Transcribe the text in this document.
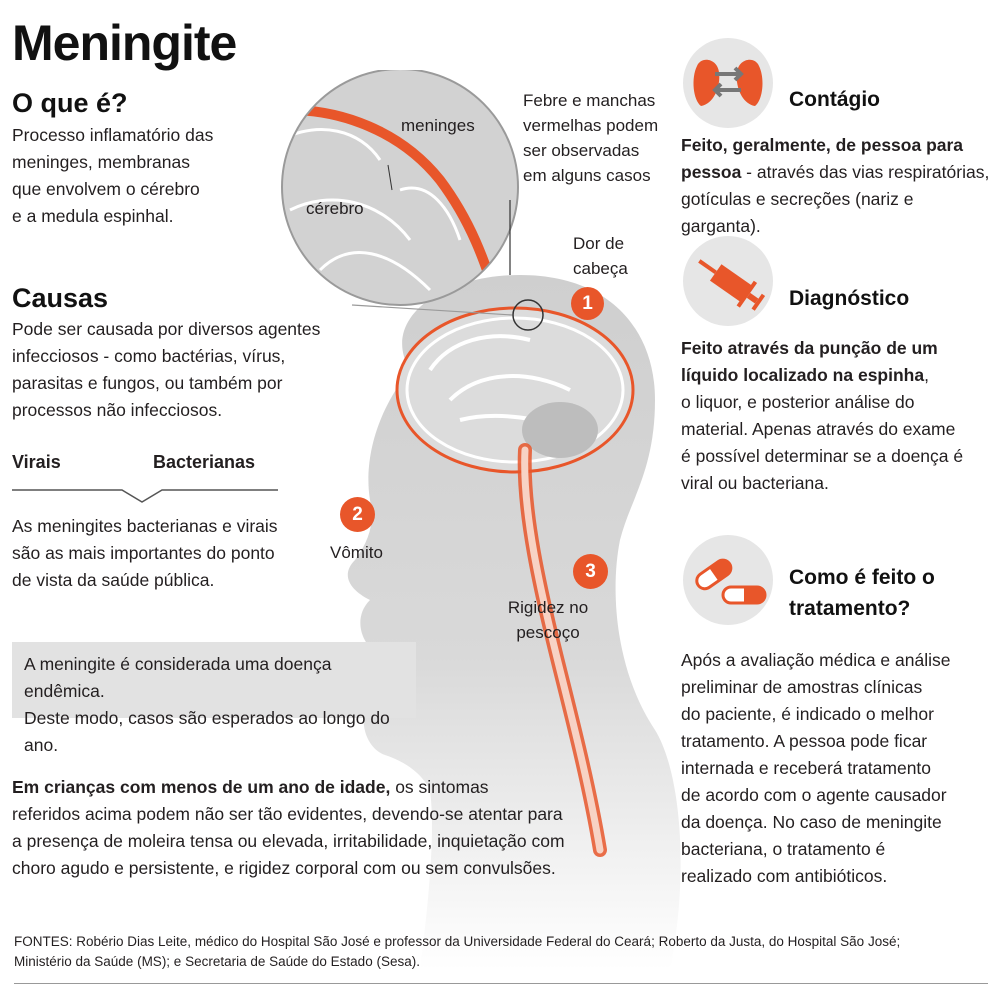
Meningite
O que é?
Processo inflamatório das
meninges, membranas
que envolvem o cérebro
e a medula espinhal.
Causas
Pode ser causada por diversos agentes
infecciosos - como bactérias, vírus,
parasitas e fungos, ou também por
processos não infecciosos.
Virais	Bacterianas
As meningites bacterianas e virais
são as mais importantes do ponto
de vista da saúde pública.
A meningite é considerada uma doença endêmica.
Deste modo, casos são esperados ao longo do ano.
Em crianças com menos de um ano de idade, os sintomas
referidos acima podem não ser tão evidentes, devendo-se atentar para
a presença de moleira tensa ou elevada, irritabilidade, inquietação com
choro agudo e persistente, e rigidez corporal com ou sem convulsões.
meninges
cérebro
Febre e manchas
vermelhas podem
ser observadas
em alguns casos
Dor de
cabeça
1
2
Vômito
3
Rigidez no
pescoço
Contágio
Feito, geralmente, de pessoa para
pessoa - através das vias respiratórias,
gotículas e secreções (nariz e garganta).
Diagnóstico
Feito através da punção de um
líquido localizado na espinha,
o liquor, e posterior análise do
material. Apenas através do exame
é possível determinar se a doença é
viral ou bacteriana.
Como é feito o
tratamento?
Após a avaliação médica e análise
preliminar de amostras clínicas
do paciente, é indicado o melhor
tratamento. A pessoa pode ficar
internada e receberá tratamento
de acordo com o agente causador
da doença. No caso de meningite
bacteriana, o tratamento é
realizado com antibióticos.
FONTES: Robério Dias Leite, médico do Hospital São José e professor da Universidade Federal do Ceará; Roberto da Justa, do Hospital São José;
Ministério da Saúde (MS); e Secretaria de Saúde do Estado (Sesa).
